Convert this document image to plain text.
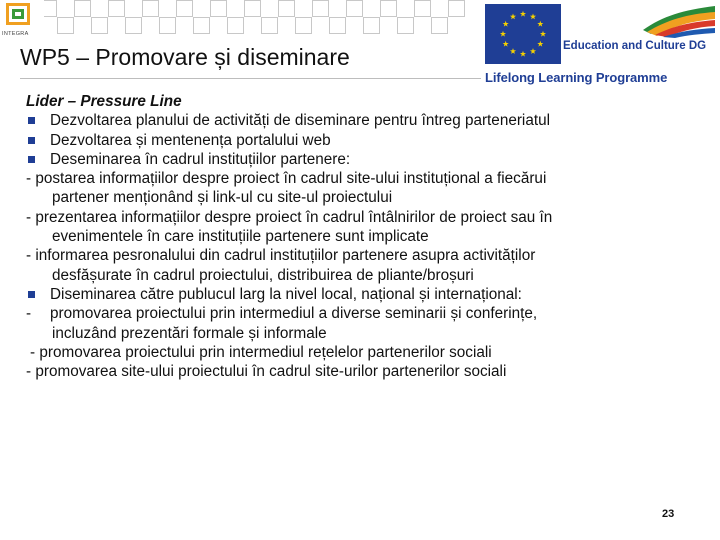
INTEGRA
WP5 – Promovare și diseminare	Education and Culture DG
Lifelong Learning Programme
Lider – Pressure Line
Dezvoltarea planului de activități de diseminare pentru întreg parteneriatul
Dezvoltarea și mentenența portalului web
Deseminarea în cadrul instituțiilor partenere:
- postarea informațiilor despre proiect în cadrul site-ului instituțional a fiecărui
partener menționând și link-ul cu site-ul proiectului
- prezentarea informațiilor despre proiect în cadrul întâlnirilor de proiect sau în
evenimentele în care instituțiile partenere sunt implicate
- informarea pesronalului din cadrul instituțiilor partenere asupra activităților
desfășurate în cadrul proiectului, distribuirea de pliante/broșuri
Diseminarea către publucul larg la nivel local, național și internațional:
- promovarea proiectului prin intermediul a diverse seminarii și conferințe,
incluzând prezentări formale și informale
- promovarea proiectului prin intermediul rețelelor partenerilor sociali
- promovarea site-ului proiectului în cadrul site-urilor partenerilor sociali
23
